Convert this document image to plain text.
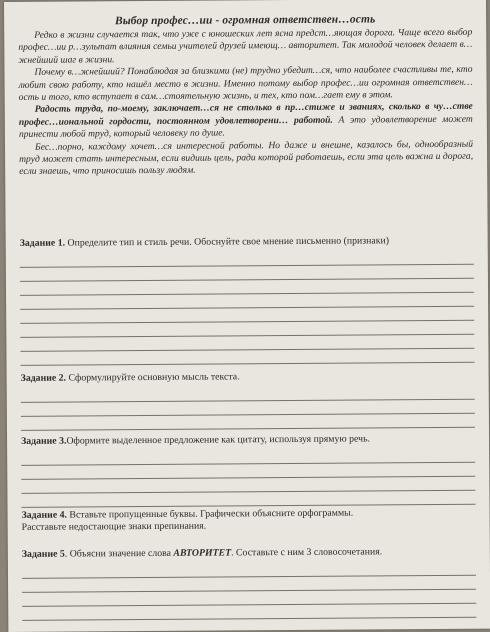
Выбор профес…ии - огромная ответствен…ость

Редко в жизни случается так, что уже с юношеских лет ясна предст…яющая дорога. Чаще всего выбор профес…ии р…зультат влияния семьи учителей друзей имеющ… авторитет. Так молодой человек делает в…жнейший шаг в жизни.

Почему в…жнейший? Понаблюдая за близкими (не) трудно убедит…ся, что наиболее счастливы те, кто любит свою работу, кто нашёл место в жизни. Именно потому выбор профес…ии огромная ответствен…ость и того, кто вступает в сам…стоятельную жизнь, и тех, кто пом…гает ему в этом.

Радость труда, по-моему, заключает…ся не столько в пр…стиже и званиях, сколько в чу…стве профес…иональной гордости, постоянном удовлетворени… работой. А это удовлетворение может принести любой труд, который человеку по душе.

Бес…порно, каждому хочет…ся интересной работы. Но даже и внешне, казалось бы, однообразный труд может стать интересным, если видишь цель, ради которой работаешь, если эта цель важна и дорога, если знаешь, что приносишь пользу людям.

Задание 1. Определите тип и стиль речи. Обоснуйте свое мнение письменно (признаки)
Задание 2. Сформулируйте основную мысль текста.
Задание 3.Оформите выделенное предложение как цитату, используя прямую речь.
Задание 4. Вставьте пропущенные буквы. Графически объясните орфограммы.
Расставьте недостающие знаки препинания.
Задание 5. Объясни значение слова АВТОРИТЕТ. Составьте с ним 3 словосочетания.
